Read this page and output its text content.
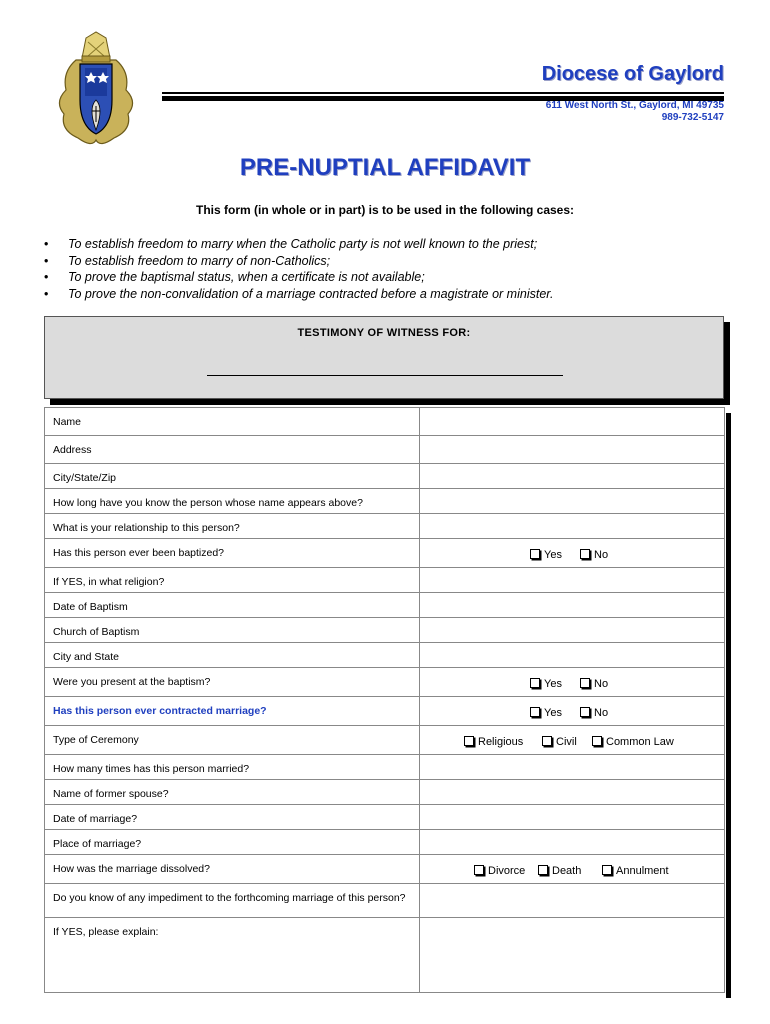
Diocese of Gaylord
611 West North St., Gaylord, MI 49735
989-732-5147
PRE-NUPTIAL AFFIDAVIT
This form (in whole or in part) is to be used in the following cases:
• To establish freedom to marry when the Catholic party is not well known to the priest;
• To establish freedom to marry of non-Catholics;
• To prove the baptismal status, when a certificate is not available;
• To prove the non-convalidation of a marriage contracted before a magistrate or minister.
TESTIMONY OF WITNESS FOR:
Name	
Address	
City/State/Zip	
How long have you know the person whose name appears above?	
What is your relationship to this person?	
Has this person ever been baptized?	Yes No

If YES, in what religion?	
Date of Baptism	
Church of Baptism	
City and State	
Were you present at the baptism?	Yes No

Has this person ever contracted marriage?	Yes No

Type of Ceremony	Religious Civil Common Law

How many times has this person married?	
Name of former spouse?	
Date of marriage?	
Place of marriage?	
How was the marriage dissolved?	Divorce Death Annulment

Do you know of any impediment to the forthcoming marriage of this person?	
If YES, please explain:	
